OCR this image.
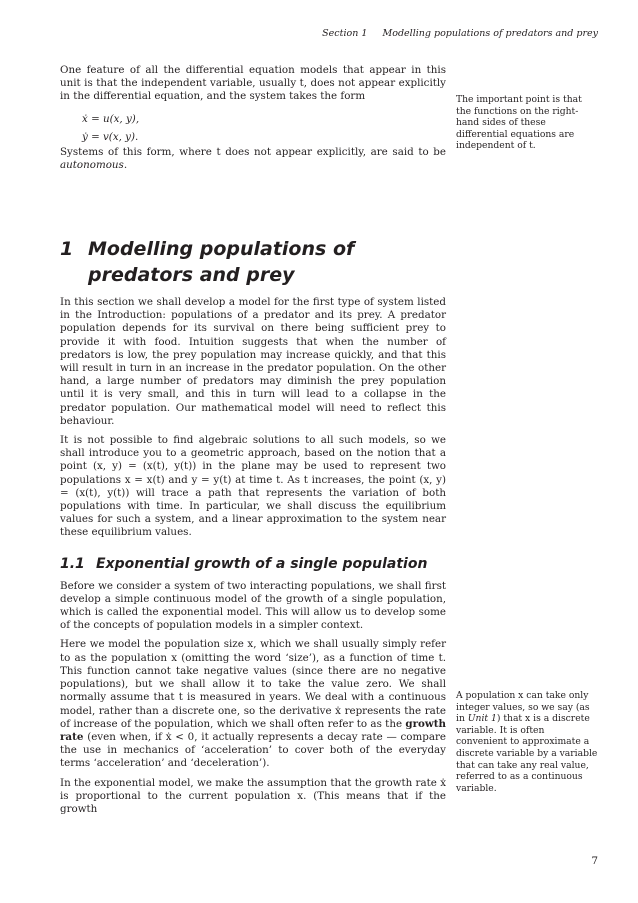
Section 1 Modelling populations of predators and prey

One feature of all the differential equation models that appear in this unit is that the independent variable, usually t, does not appear explicitly in the differential equation, and the system takes the form

ẋ = u(x, y),
ẏ = v(x, y).

Systems of this form, where t does not appear explicitly, are said to be autonomous.

1 Modelling populations of predators and prey

In this section we shall develop a model for the first type of system listed in the Introduction: populations of a predator and its prey. A predator population depends for its survival on there being sufficient prey to provide it with food. Intuition suggests that when the number of predators is low, the prey population may increase quickly, and that this will result in turn in an increase in the predator population. On the other hand, a large number of predators may diminish the prey population until it is very small, and this in turn will lead to a collapse in the predator population. Our mathematical model will need to reflect this behaviour.

It is not possible to find algebraic solutions to all such models, so we shall introduce you to a geometric approach, based on the notion that a point (x, y) = (x(t), y(t)) in the plane may be used to represent two populations x = x(t) and y = y(t) at time t. As t increases, the point (x, y) = (x(t), y(t)) will trace a path that represents the variation of both populations with time. In particular, we shall discuss the equilibrium values for such a system, and a linear approximation to the system near these equilibrium values.

1.1 Exponential growth of a single population

Before we consider a system of two interacting populations, we shall first develop a simple continuous model of the growth of a single population, which is called the exponential model. This will allow us to develop some of the concepts of population models in a simpler context.

Here we model the population size x, which we shall usually simply refer to as the population x (omitting the word ‘size’), as a function of time t. This function cannot take negative values (since there are no negative populations), but we shall allow it to take the value zero. We shall normally assume that t is measured in years. We deal with a continuous model, rather than a discrete one, so the derivative ẋ represents the rate of increase of the population, which we shall often refer to as the growth rate (even when, if ẋ < 0, it actually represents a decay rate — compare the use in mechanics of ‘acceleration’ to cover both of the everyday terms ‘acceleration’ and ‘deceleration’).

In the exponential model, we make the assumption that the growth rate ẋ is proportional to the current population x. (This means that if the growth

The important point is that the functions on the right-hand sides of these differential equations are independent of t.
A population x can take only integer values, so we say (as in Unit 1) that x is a discrete variable. It is often convenient to approximate a discrete variable by a variable that can take any real value, referred to as a continuous variable.
7
